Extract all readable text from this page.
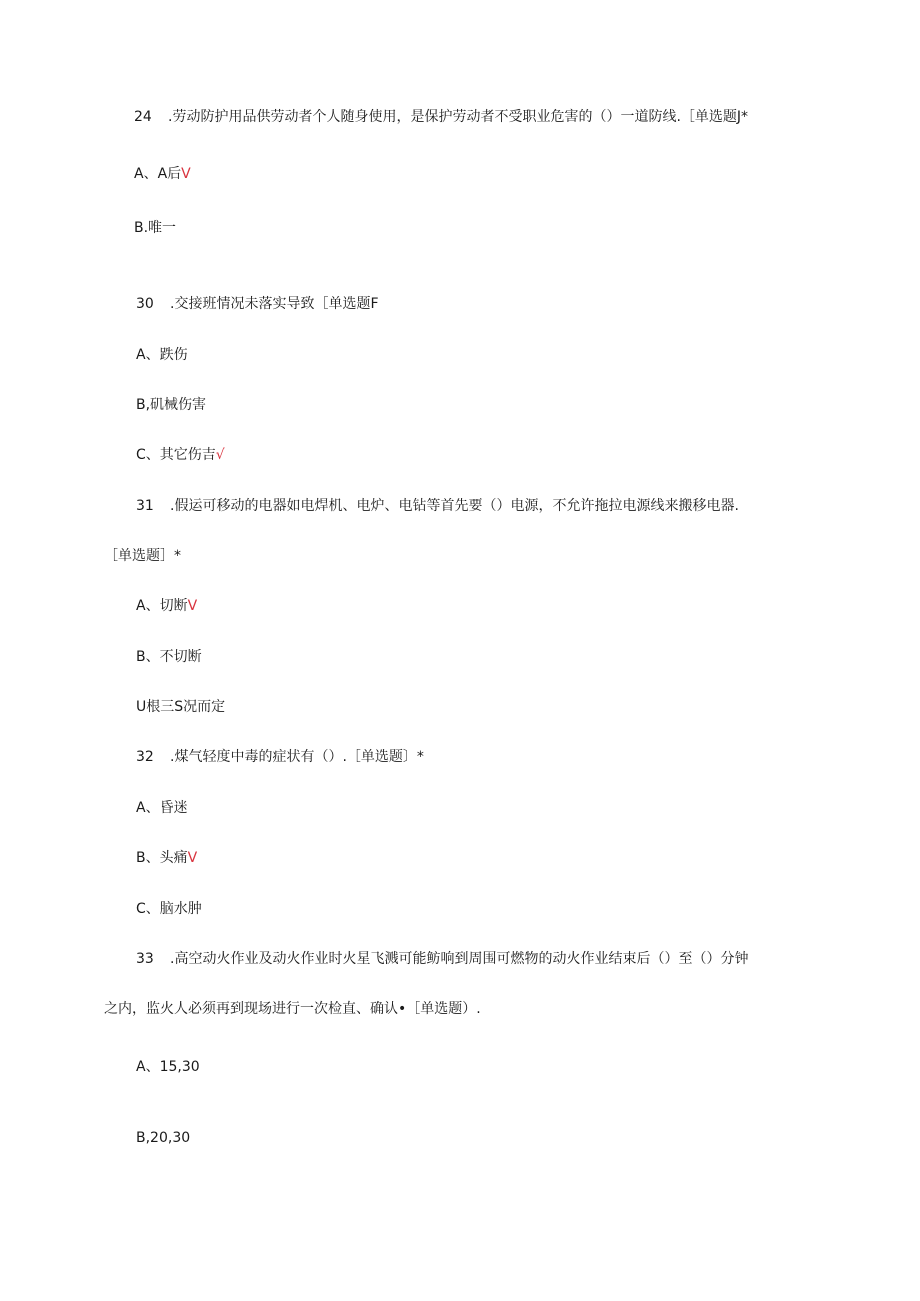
24 .劳动防护用品供劳动者个人随身使用，是保护劳动者不受职业危害的（）一道防线.［单选题J*
A、A后V
B.唯一
30 .交接班情况未落实导致［单选题F
A、跌伤
B,矶械伤害
C、其它伤吉√
31 .假运可移动的电器如电焊机、电炉、电钻等首先要（）电源，不允许拖拉电源线来搬移电器.
［单选题］*
A、切断V
B、不切断
U根三S况而定
32 .煤气轻度中毒的症状有（）.［单选题〕*
A、昏迷
B、头痛V
C、脑水肿
33 .高空动火作业及动火作业时火星飞溅可能鲂响到周围可燃物的动火作业结束后（）至（）分钟
之内，监火人必须再到现场进行一次检直、确认•［单选题）.
A、15,30
B,20,30
